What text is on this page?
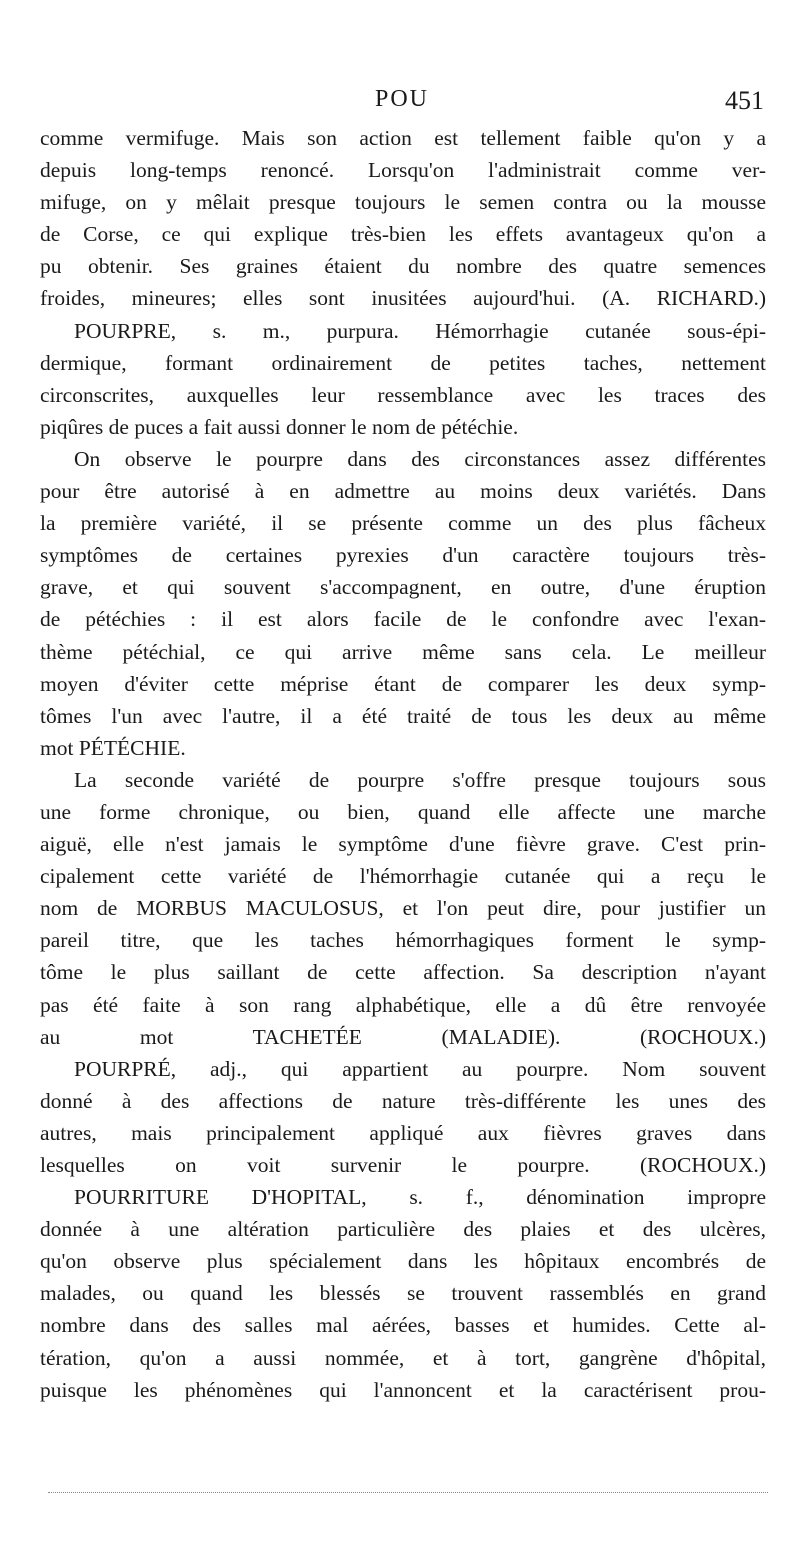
POU	451
comme vermifuge. Mais son action est tellement faible qu'on y a
depuis long-temps renoncé. Lorsqu'on l'administrait comme ver-
mifuge, on y mêlait presque toujours le semen contra ou la mousse
de Corse, ce qui explique très-bien les effets avantageux qu'on a
pu obtenir. Ses graines étaient du nombre des quatre semences
froides, mineures; elles sont inusitées aujourd'hui. (A. RICHARD.)
POURPRE, s. m., purpura. Hémorrhagie cutanée sous-épi-
dermique, formant ordinairement de petites taches, nettement
circonscrites, auxquelles leur ressemblance avec les traces des
piqûres de puces a fait aussi donner le nom de pétéchie.
On observe le pourpre dans des circonstances assez différentes
pour être autorisé à en admettre au moins deux variétés. Dans
la première variété, il se présente comme un des plus fâcheux
symptômes de certaines pyrexies d'un caractère toujours très-
grave, et qui souvent s'accompagnent, en outre, d'une éruption
de pétéchies : il est alors facile de le confondre avec l'exan-
thème pétéchial, ce qui arrive même sans cela. Le meilleur
moyen d'éviter cette méprise étant de comparer les deux symp-
tômes l'un avec l'autre, il a été traité de tous les deux au même
mot PÉTÉCHIE.
La seconde variété de pourpre s'offre presque toujours sous
une forme chronique, ou bien, quand elle affecte une marche
aiguë, elle n'est jamais le symptôme d'une fièvre grave. C'est prin-
cipalement cette variété de l'hémorrhagie cutanée qui a reçu le
nom de MORBUS MACULOSUS, et l'on peut dire, pour justifier un
pareil titre, que les taches hémorrhagiques forment le symp-
tôme le plus saillant de cette affection. Sa description n'ayant
pas été faite à son rang alphabétique, elle a dû être renvoyée
au mot TACHETÉE (MALADIE). (ROCHOUX.)
POURPRÉ, adj., qui appartient au pourpre. Nom souvent
donné à des affections de nature très-différente les unes des
autres, mais principalement appliqué aux fièvres graves dans
lesquelles on voit survenir le pourpre. (ROCHOUX.)
POURRITURE D'HOPITAL, s. f., dénomination impropre
donnée à une altération particulière des plaies et des ulcères,
qu'on observe plus spécialement dans les hôpitaux encombrés de
malades, ou quand les blessés se trouvent rassemblés en grand
nombre dans des salles mal aérées, basses et humides. Cette al-
tération, qu'on a aussi nommée, et à tort, gangrène d'hôpital,
puisque les phénomènes qui l'annoncent et la caractérisent prou-
